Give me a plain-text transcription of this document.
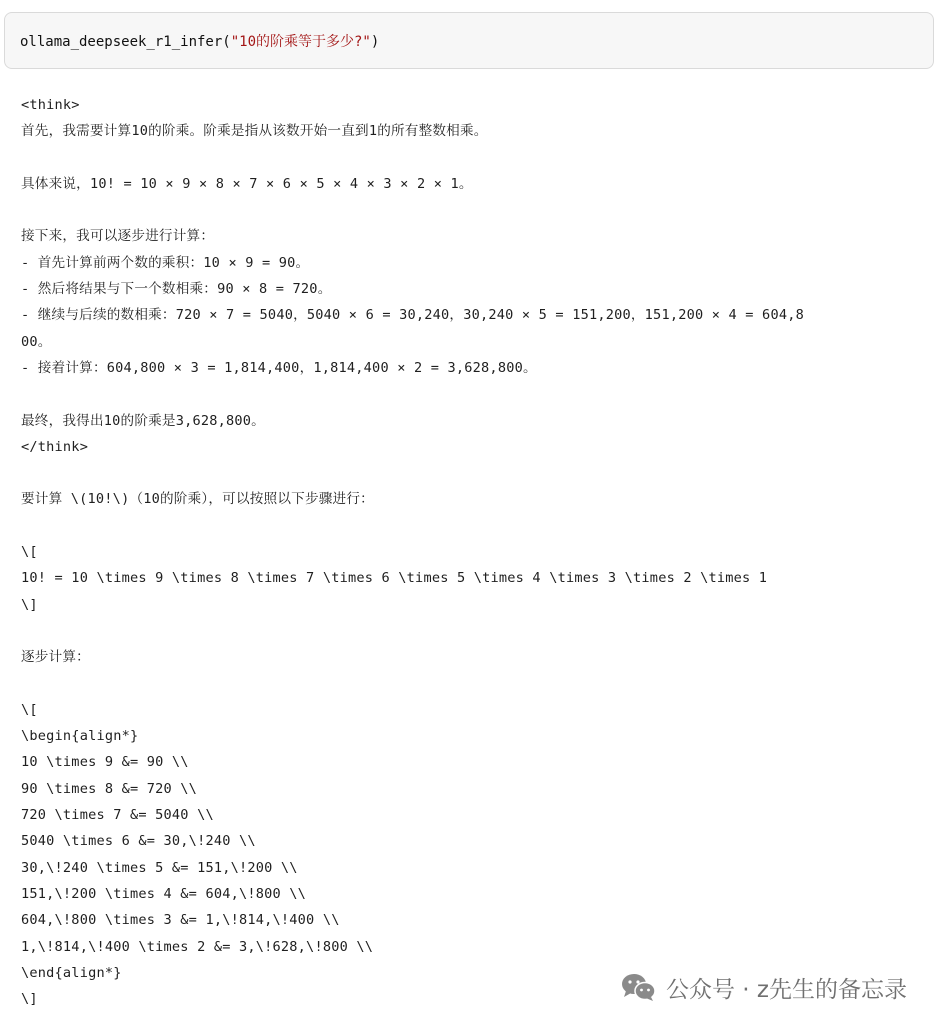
ollama_deepseek_r1_infer("10的阶乘等于多少?")
<think>
首先，我需要计算10的阶乘。阶乘是指从该数开始一直到1的所有整数相乘。
具体来说，10! = 10 × 9 × 8 × 7 × 6 × 5 × 4 × 3 × 2 × 1。
接下来，我可以逐步进行计算：
- 首先计算前两个数的乘积：10 × 9 = 90。
- 然后将结果与下一个数相乘：90 × 8 = 720。
- 继续与后续的数相乘：720 × 7 = 5040，5040 × 6 = 30,240，30,240 × 5 = 151,200，151,200 × 4 = 604,8
00。
- 接着计算：604,800 × 3 = 1,814,400，1,814,400 × 2 = 3,628,800。
最终，我得出10的阶乘是3,628,800。
</think>
要计算 \(10!\)（10的阶乘），可以按照以下步骤进行：
\[
10! = 10 \times 9 \times 8 \times 7 \times 6 \times 5 \times 4 \times 3 \times 2 \times 1
\]
逐步计算：
\[
\begin{align*}
10 \times 9 &= 90 \\
90 \times 8 &= 720 \\
720 \times 7 &= 5040 \\
5040 \times 6 &= 30,\!240 \\
30,\!240 \times 5 &= 151,\!200 \\
151,\!200 \times 4 &= 604,\!800 \\
604,\!800 \times 3 &= 1,\!814,\!400 \\
1,\!814,\!400 \times 2 &= 3,\!628,\!800 \\
\end{align*}
\]	公众号 · z先生的备忘录
